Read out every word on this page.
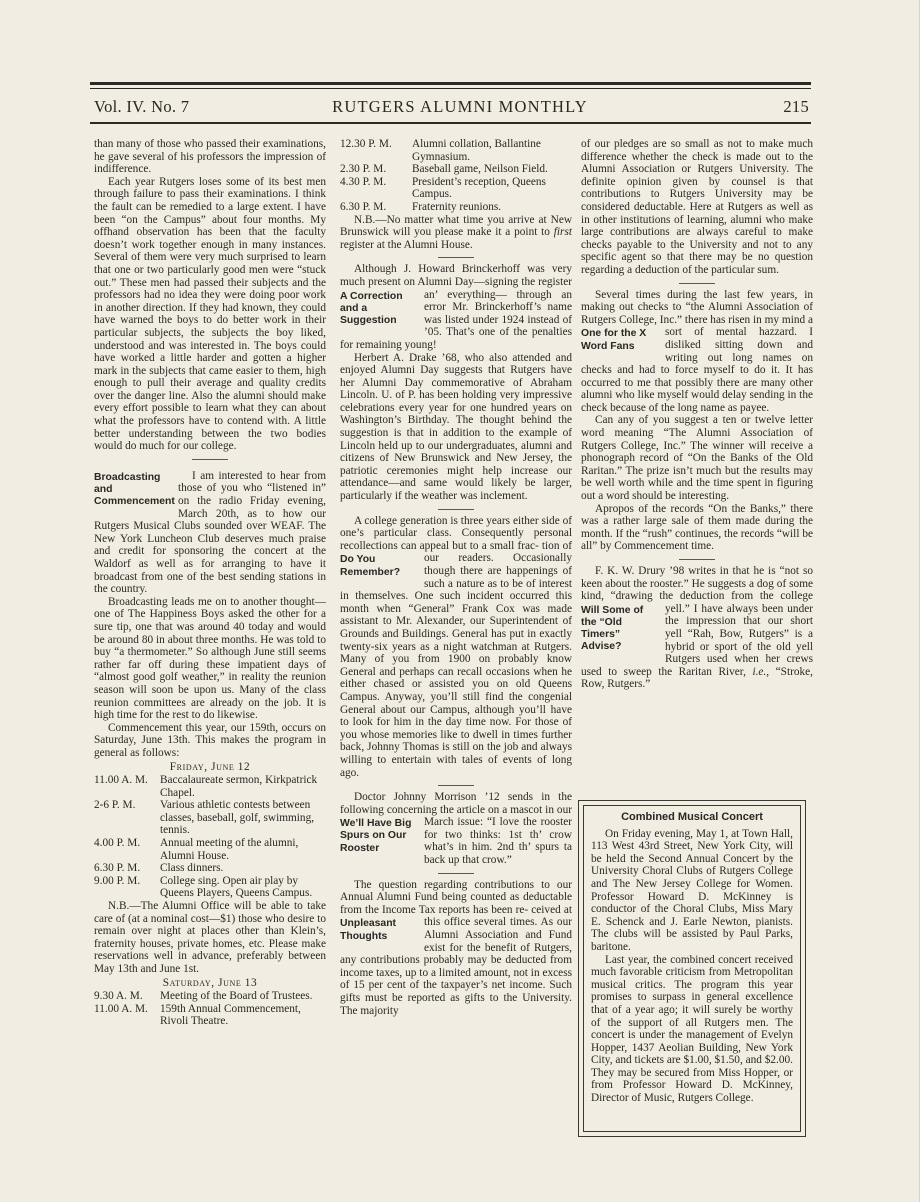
Vol. IV. No. 7	RUTGERS ALUMNI MONTHLY	215

than many of those who passed their examinations, he gave several of his professors the impression of indifference.

Each year Rutgers loses some of its best men through failure to pass their examinations. I think the fault can be remedied to a large extent. I have been “on the Campus” about four months. My offhand observation has been that the faculty doesn’t work together enough in many instances. Several of them were very much surprised to learn that one or two particularly good men were “stuck out.” These men had passed their subjects and the professors had no idea they were doing poor work in another direction. If they had known, they could have warned the boys to do better work in their particular subjects, the subjects the boy liked, understood and was interested in. The boys could have worked a little harder and gotten a higher mark in the subjects that came easier to them, high enough to pull their average and quality credits over the danger line. Also the alumni should make every effort possible to learn what they can about what the professors have to contend with. A little better understanding between the two bodies would do much for our college.

Broadcasting and Commencement
I am interested to hear from those of you who “listened in” on the radio Friday evening, March 20th, as to how our Rutgers Musical Clubs sounded over WEAF. The New York Luncheon Club deserves much praise and credit for sponsoring the concert at the Waldorf as well as for arranging to have it broadcast from one of the best sending stations in the country.

Broadcasting leads me on to another thought—one of The Happiness Boys asked the other for a sure tip, one that was around 40 today and would be around 80 in about three months. He was told to buy “a thermometer.” So although June still seems rather far off during these impatient days of “almost good golf weather,” in reality the reunion season will soon be upon us. Many of the class reunion committees are already on the job. It is high time for the rest to do likewise.

Commencement this year, our 159th, occurs on Saturday, June 13th. This makes the program in general as follows:

Friday, June 12
11.00 A. M.	Baccalaureate sermon, Kirkpatrick Chapel.
2-6 P. M.	Various athletic contests between classes, baseball, golf, swimming, tennis.
4.00 P. M.	Annual meeting of the alumni, Alumni House.
6.30 P. M.	Class dinners.
9.00 P. M.	College sing. Open air play by Queens Players, Queens Campus.

N.B.—The Alumni Office will be able to take care of (at a nominal cost—$1) those who desire to remain over night at places other than Klein’s, fraternity houses, private homes, etc. Please make reservations well in advance, preferably between May 13th and June 1st.

Saturday, June 13
9.30 A. M.	Meeting of the Board of Trustees.
11.00 A. M.	159th Annual Commencement, Rivoli Theatre.
12.30 P. M.	Alumni collation, Ballantine Gymnasium.
2.30 P. M.	Baseball game, Neilson Field.
4.30 P. M.	President’s reception, Queens Campus.
6.30 P. M.	Fraternity reunions.

N.B.—No matter what time you arrive at New Brunswick will you please make it a point to first register at the Alumni House.

Although J. Howard Brinckerhoff was very much present on Alumni Day—signing the register an’ everything—
A Correction and a Suggestion
through an error Mr. Brinckerhoff’s name was listed under 1924 instead of ’05. That’s one of the penalties for remaining young!

Herbert A. Drake ’68, who also attended and enjoyed Alumni Day suggests that Rutgers have her Alumni Day commemorative of Abraham Lincoln. U. of P. has been holding very impressive celebrations every year for one hundred years on Washington’s Birthday. The thought behind the suggestion is that in addition to the example of Lincoln held up to our undergraduates, alumni and citizens of New Brunswick and New Jersey, the patriotic ceremonies might help increase our attendance—and same would likely be larger, particularly if the weather was inclement.

A college generation is three years either side of one’s particular class. Consequently personal recollections can appeal but to a small frac-
Do You Remember?
tion of our readers. Occasionally though there are happenings of such a nature as to be of interest in themselves. One such incident occurred this month when “General” Frank Cox was made assistant to Mr. Alexander, our Superintendent of Grounds and Buildings. General has put in exactly twenty-six years as a night watchman at Rutgers. Many of you from 1900 on probably know General and perhaps can recall occasions when he either chased or assisted you on old Queens Campus. Anyway, you’ll still find the congenial General about our Campus, although you’ll have to look for him in the day time now. For those of you whose memories like to dwell in times further back, Johnny Thomas is still on the job and always willing to entertain with tales of events of long ago.

Doctor Johnny Morrison ’12 sends in the following concerning the article on a mascot in our March issue:
We’ll Have Big Spurs on Our Rooster
“I love the rooster for two thinks: 1st th’ crow what’s in him. 2nd th’ spurs ta back up that crow.”

The question regarding contributions to our Annual Alumni Fund being counted as deductable from the Income Tax reports has been re-
Unpleasant Thoughts
ceived at this office several times. As our Alumni Association and Fund exist for the benefit of Rutgers, any contributions probably may be deducted from income taxes, up to a limited amount, not in excess of 15 per cent of the taxpayer’s net income. Such gifts must be reported as gifts to the University. The majority

of our pledges are so small as not to make much difference whether the check is made out to the Alumni Association or Rutgers University. The definite opinion given by counsel is that contributions to Rutgers University may be considered deductable. Here at Rutgers as well as in other institutions of learning, alumni who make large contributions are always careful to make checks payable to the University and not to any specific agent so that there may be no question regarding a deduction of the particular sum.

Several times during the last few years, in making out checks to “the Alumni Association of Rutgers College, Inc.” there has risen in my
One for the X Word Fans
mind a sort of mental hazzard. I disliked sitting down and writing out long names on checks and had to force myself to do it. It has occurred to me that possibly there are many other alumni who like myself would delay sending in the check because of the long name as payee.

Can any of you suggest a ten or twelve letter word meaning “The Alumni Association of Rutgers College, Inc.” The winner will receive a phonograph record of “On the Banks of the Old Raritan.” The prize isn’t much but the results may be well worth while and the time spent in figuring out a word should be interesting.

Apropos of the records “On the Banks,” there was a rather large sale of them made during the month. If the “rush” continues, the records “will be all” by Commencement time.

F. K. W. Drury ’98 writes in that he is “not so keen about the rooster.” He suggests a dog of some kind, “drawing the deduction from the
Will Some of the “Old Timers” Advise?
college yell.” I have always been under the impression that our short yell “Rah, Bow, Rutgers” is a hybrid or sport of the old yell Rutgers used when her crews used to sweep the Raritan River, i.e., “Stroke, Row, Rutgers.”

Combined Musical Concert

On Friday evening, May 1, at Town Hall, 113 West 43rd Street, New York City, will be held the Second Annual Concert by the University Choral Clubs of Rutgers College and The New Jersey College for Women. Professor Howard D. McKinney is conductor of the Choral Clubs, Miss Mary E. Schenck and J. Earle Newton, pianists. The clubs will be assisted by Paul Parks, baritone.

Last year, the combined concert received much favorable criticism from Metropolitan musical critics. The program this year promises to surpass in general excellence that of a year ago; it will surely be worthy of the support of all Rutgers men. The concert is under the management of Evelyn Hopper, 1437 Aeolian Building, New York City, and tickets are $1.00, $1.50, and $2.00. They may be secured from Miss Hopper, or from Professor Howard D. McKinney, Director of Music, Rutgers College.
